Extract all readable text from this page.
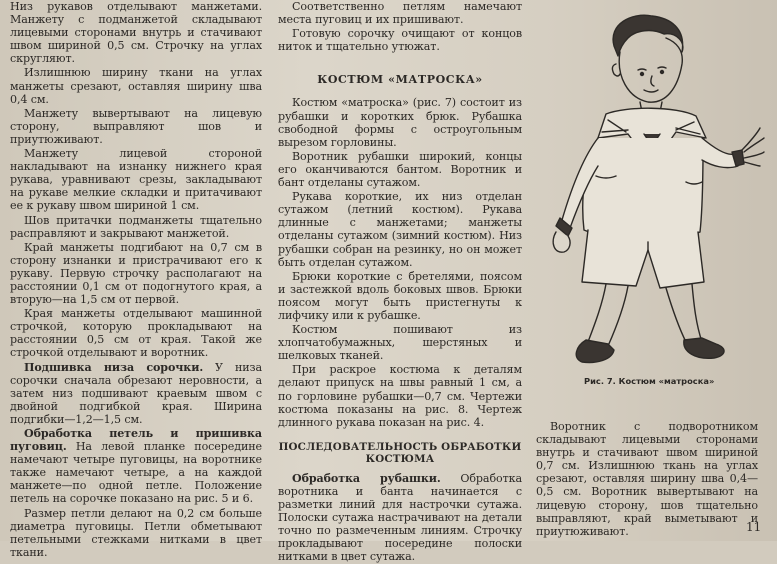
Низ рукавов отделывают манжетами. Манжету с подманжетой складывают лицевыми сторонами внутрь и стачивают швом шириной 0,5 см. Строчку на углах скругляют.

Излишнюю ширину ткани на углах манжеты срезают, оставляя ширину шва 0,4 см.

Манжету вывертывают на лицевую сторону, выправляют шов и приутюживают.

Манжету лицевой стороной накладывают на изнанку нижнего края рукава, уравнивают срезы, закладывают на рукаве мелкие складки и притачивают ее к рукаву швом шириной 1 см.

Шов притачки подманжеты тщательно расправляют и закрывают манжетой.

Край манжеты подгибают на 0,7 см в сторону изнанки и пристрачивают его к рукаву. Первую строчку располагают на расстоянии 0,1 см от подогнутого края, а вторую—на 1,5 см от первой.

Края манжеты отделывают машинной строчкой, которую прокладывают на расстоянии 0,5 см от края. Такой же строчкой отделывают и воротник.

Подшивка низа сорочки. У низа сорочки сначала обрезают неровности, а затем низ подшивают краевым швом с двойной подгибкой края. Ширина подгибки—1,2—1,5 см.

Обработка петель и пришивка пуговиц. На левой планке посередине намечают четыре пуговицы, на воротнике также намечают четыре, а на каждой манжете—по одной петле. Положение петель на сорочке показано на рис. 5 и 6.

Размер петли делают на 0,2 см больше диаметра пуговицы. Петли обметывают петельными стежками нитками в цвет ткани.

Соответственно петлям намечают места пуговиц и их пришивают.

Готовую сорочку очищают от концов ниток и тщательно утюжат.

КОСТЮМ «МАТРОСКА»

Костюм «матроска» (рис. 7) состоит из рубашки и коротких брюк. Рубашка свободной формы с остроугольным вырезом горловины.

Воротник рубашки широкий, концы его оканчиваются бантом. Воротник и бант отделаны сутажом.

Рукава короткие, их низ отделан сутажом (летний костюм). Рукава длинные с манжетами; манжеты отделаны сутажом (зимний костюм). Низ рубашки собран на резинку, но он может быть отделан сутажом.

Брюки короткие с бретелями, поясом и застежкой вдоль боковых швов. Брюки поясом могут быть пристегнуты к лифчику или к рубашке.

Костюм пошивают из хлопчатобумажных, шерстяных и шелковых тканей.

При раскрое костюма к деталям делают припуск на швы равный 1 см, а по горловине рубашки—0,7 см. Чертежи костюма показаны на рис. 8. Чертеж длинного рукава показан на рис. 4.

ПОСЛЕДОВАТЕЛЬНОСТЬ ОБРАБОТКИ
КОСТЮМА

Обработка рубашки. Обработка воротника и банта начинается с разметки линий для настрочки сутажа. Полоски сутажа настрачивают на детали точно по размеченным линиям. Строчку прокладывают посередине полоски нитками в цвет сутажа.

Рис. 7. Костюм «матроска»

Воротник с подворотником складывают лицевыми сторонами внутрь и стачивают швом шириной 0,7 см. Излишнюю ткань на углах срезают, оставляя ширину шва 0,4—0,5 см. Воротник вывертывают на лицевую сторону, шов тщательно выправляют, край выметывают и приутюживают.	11
